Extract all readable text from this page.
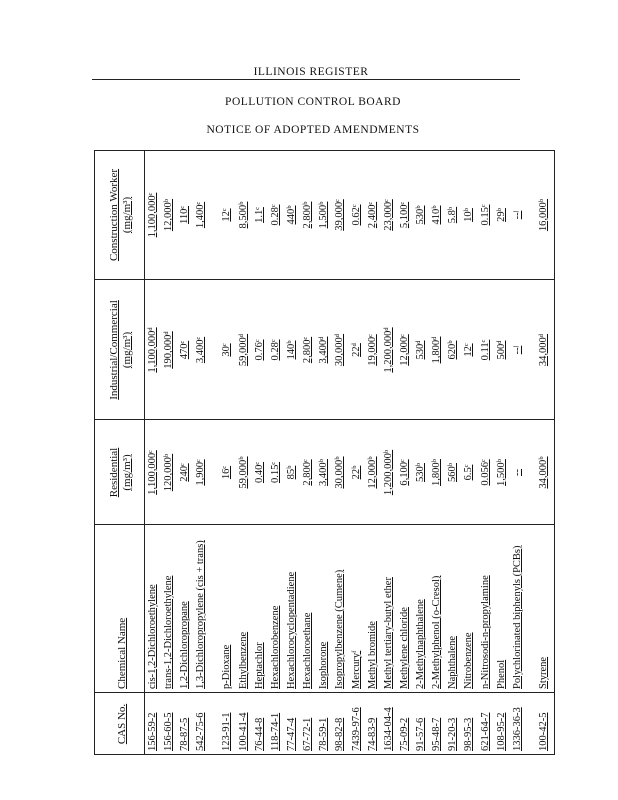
ILLINOIS REGISTER
POLLUTION CONTROL BOARD
NOTICE OF ADOPTED AMENDMENTS
CAS No.
Chemical Name
Residential (mg/m³)
Industrial/Commercial (mg/m³)
Construction Worker (mg/m³)
156-59-2
cis-1,2-Dichloroethylene
1,100,000ᶜ
1,100,000ᵈ
1,100,000ᶜ
156-60-5
trans-1,2-Dichloroethylene
120,000ᵇ
190,000ᵈ
12,000ᵇ
78-87-5
1,2-Dichloropropane
240ᶜ
470ᶜ
110ᶜ
542-75-6
1,3-Dichloropropylene (cis + trans)
1,900ᶜ
3,400ᶜ
1,400ᶜ
123-91-1
p-Dioxane
16ᶜ
30ᶜ
12ᶜ
100-41-4
Ethylbenzene
59,000ᵇ
59,000ᵈ
8,500ᵇ
76-44-8
Heptachlor
0.40ᶜ
0.76ᶜ
1.1ᶜ
118-74-1
Hexachlorobenzene
0.15ᶜ
0.28ᶜ
0.28ᶜ
77-47-4
Hexachlorocyclopentadiene
85ᵇ
140ᵇ
440ᵇ
67-72-1
Hexachloroethane
2,800ᶜ
2,800ᶜ
2,800ᵇ
78-59-1
Isophorone
3,400ᵇ
3,400ᵈ
1,500ᵇ
98-82-8
Isopropylbenzene (Cumene)
30,000ᵇ
30,000ᵈ
39,000ᶜ
7439-97-6
Mercuryᶠ
22ᵇ
22ᵈ
0.62ᶜ
74-83-9
Methyl bromide
12,000ᵇ
19,000ᶜ
2,400ᶜ
1634-04-4
Methyl tertiary-butyl ether
1,200,000ᵇ
1,200,000ᵈ
23,000ᶜ
75-09-2
Methylene chloride
6,100ᶜ
12,000ᶜ
5,100ᶜ
91-57-6
2-Methylnaphthalene
530ᵇ
530ᵈ
530ᵇ
95-48-7
2-Methylphenol (o-Cresol)
1,800ᵇ
1,800ᵈ
410ᵇ
91-20-3
Naphthalene
560ᵇ
620ᵇ
5.8ᵇ
98-95-3
Nitrobenzene
6.5ᶜ
12ᶜ
10ᵇ
621-64-7
n-Nitrosodi-n-propylamine
0.056ᶜ
0.11ᶜ
0.15ᶜ
108-95-2
Phenol
1,500ᵇ
500ᵈ
29ᵇ
1336-36-3
Polychlorinated biphenyls (PCBs)
--
--ʲ
--ʲ
100-42-5
Styrene
34,000ᵇ
34,000ᵈ
16,000ᵇ
